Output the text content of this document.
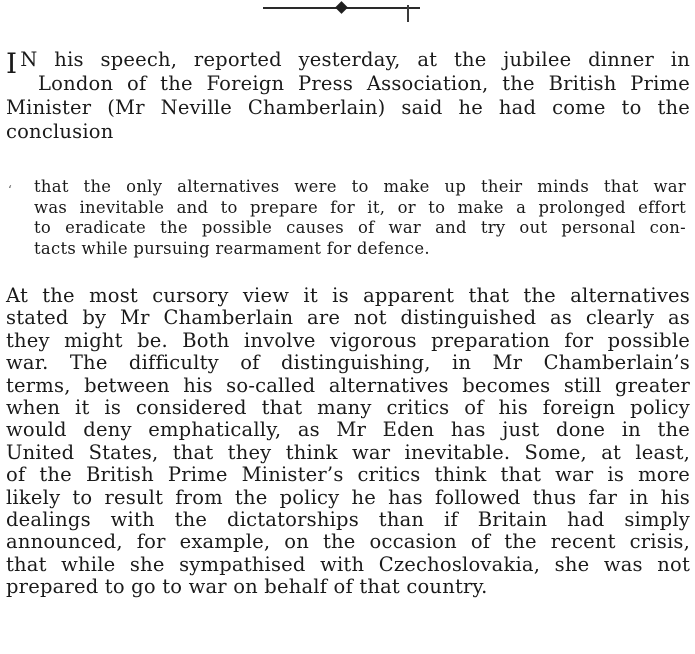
I N his speech, reported yesterday, at the jubilee dinner in
London of the Foreign Press Association, the British Prime
Minister (Mr Neville Chamberlain) said he had come to the
conclusion
‘ that the only alternatives were to make up their minds that war
was inevitable and to prepare for it, or to make a prolonged effort
to eradicate the possible causes of war and try out personal con-
tacts while pursuing rearmament for defence.
At the most cursory view it is apparent that the alternatives
stated by Mr Chamberlain are not distinguished as clearly as
they might be. Both involve vigorous preparation for possible
war. The difficulty of distinguishing, in Mr Chamberlain’s
terms, between his so-called alternatives becomes still greater
when it is considered that many critics of his foreign policy
would deny emphatically, as Mr Eden has just done in the
United States, that they think war inevitable. Some, at least,
of the British Prime Minister’s critics think that war is more
likely to result from the policy he has followed thus far in his
dealings with the dictatorships than if Britain had simply
announced, for example, on the occasion of the recent crisis,
that while she sympathised with Czechoslovakia, she was not
prepared to go to war on behalf of that country.
